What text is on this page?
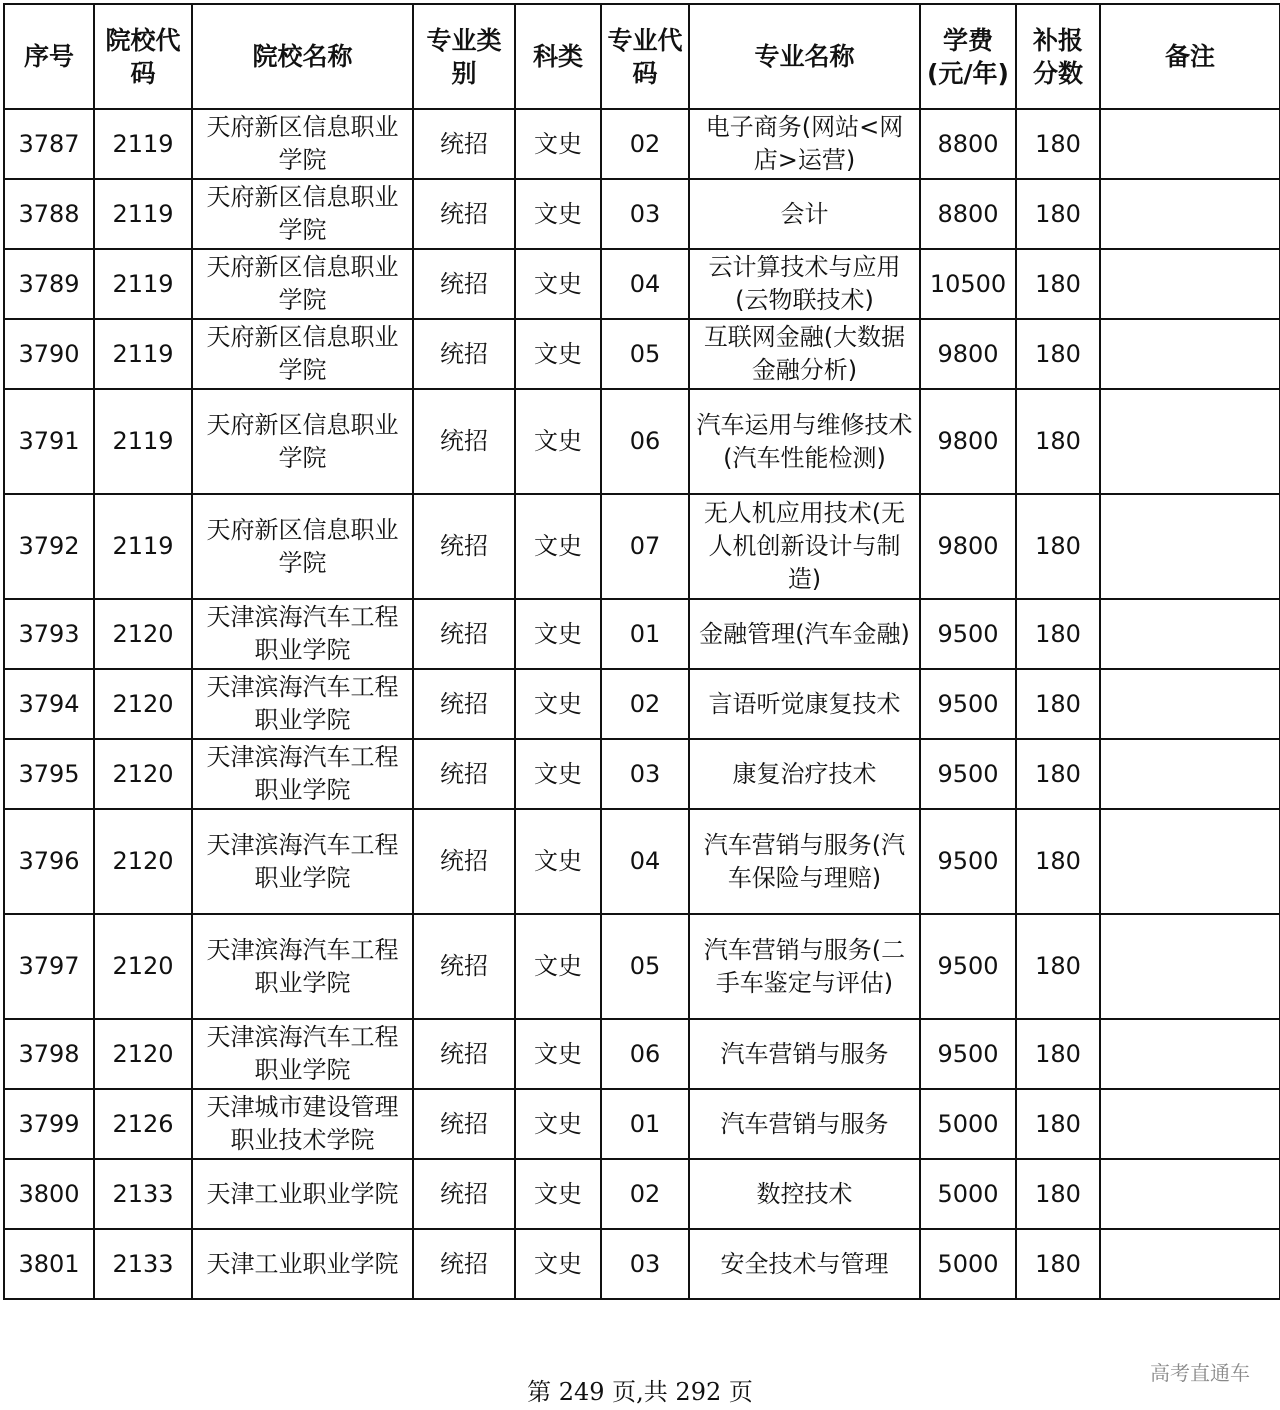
序号	院校代码	院校名称	专业类别	科类	专业代码	专业名称	学费(元/年)	补报分数	备注
3787	2119	天府新区信息职业学院	统招	文史	02	电子商务(网站<网店>运营)	8800	180	
3788	2119	天府新区信息职业学院	统招	文史	03	会计	8800	180	
3789	2119	天府新区信息职业学院	统招	文史	04	云计算技术与应用(云物联技术)	10500	180	
3790	2119	天府新区信息职业学院	统招	文史	05	互联网金融(大数据金融分析)	9800	180	
3791	2119	天府新区信息职业学院	统招	文史	06	汽车运用与维修技术(汽车性能检测)	9800	180	
3792	2119	天府新区信息职业学院	统招	文史	07	无人机应用技术(无人机创新设计与制造)	9800	180	
3793	2120	天津滨海汽车工程职业学院	统招	文史	01	金融管理(汽车金融)	9500	180	
3794	2120	天津滨海汽车工程职业学院	统招	文史	02	言语听觉康复技术	9500	180	
3795	2120	天津滨海汽车工程职业学院	统招	文史	03	康复治疗技术	9500	180	
3796	2120	天津滨海汽车工程职业学院	统招	文史	04	汽车营销与服务(汽车保险与理赔)	9500	180	
3797	2120	天津滨海汽车工程职业学院	统招	文史	05	汽车营销与服务(二手车鉴定与评估)	9500	180	
3798	2120	天津滨海汽车工程职业学院	统招	文史	06	汽车营销与服务	9500	180	
3799	2126	天津城市建设管理职业技术学院	统招	文史	01	汽车营销与服务	5000	180	
3800	2133	天津工业职业学院	统招	文史	02	数控技术	5000	180	
3801	2133	天津工业职业学院	统招	文史	03	安全技术与管理	5000	180	
第 249 页,共 292 页
高考直通车
